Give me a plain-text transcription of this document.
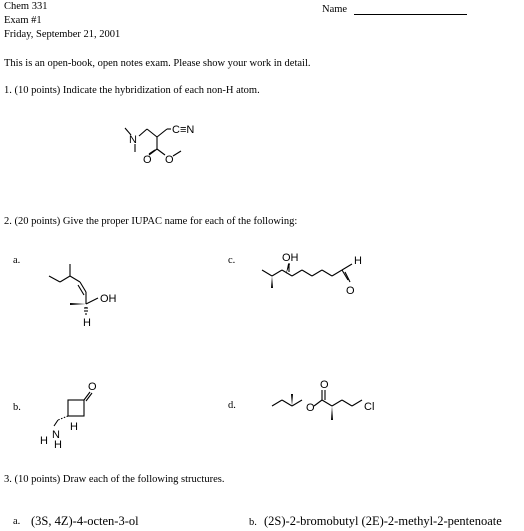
Chem 331
Exam #1
Friday, September 21, 2001
Name
This is an open-book, open notes exam. Please show your work in detail.
1. (10 points) Indicate the hybridization of each non-H atom.
N
C≡N
O O
2. (20 points) Give the proper IUPAC name for each of the following:
a.	c.
b.	d.
OH
H
OH	H
O
O
H
N
H H
O
O
Cl
3. (10 points) Draw each of the following structures.
a. (3S, 4Z)-4-octen-3-ol	b. (2S)-2-bromobutyl (2E)-2-methyl-2-pentenoate
